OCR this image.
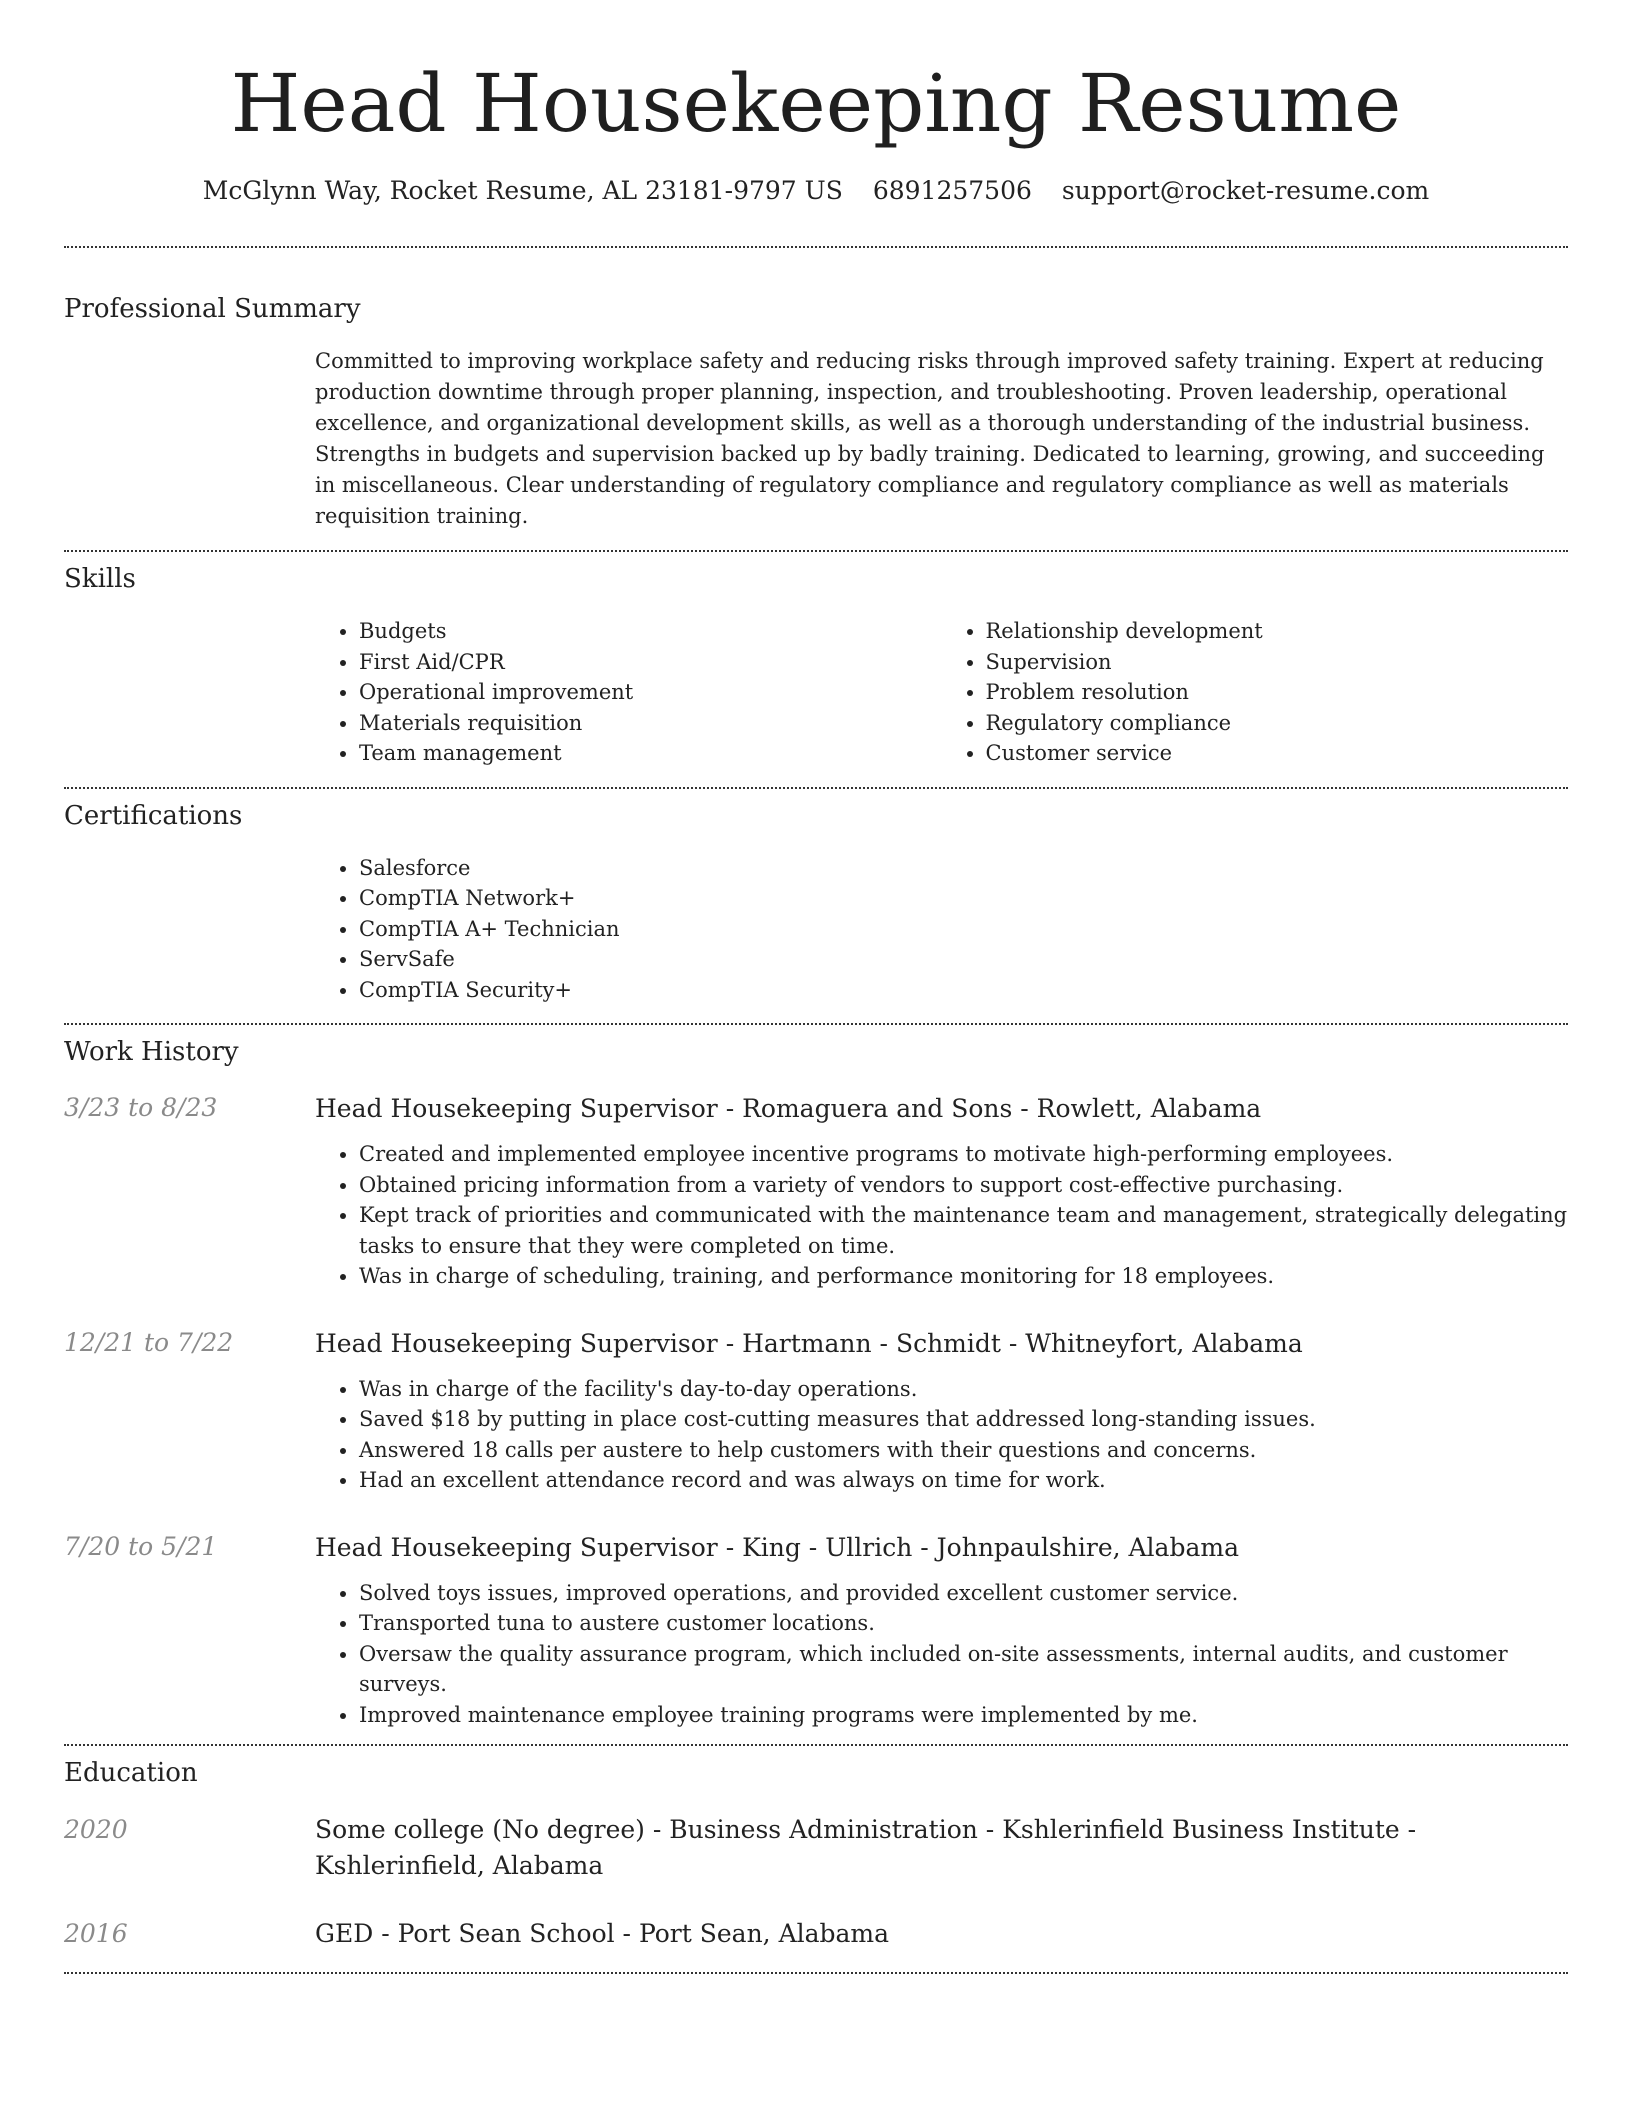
Head Housekeeping Resume
McGlynn Way, Rocket Resume, AL 23181-9797 US 6891257506 support@rocket-resume.com
Professional Summary

Committed to improving workplace safety and reducing risks through improved safety training. Expert at reducing production downtime through proper planning, inspection, and troubleshooting. Proven leadership, operational excellence, and organizational development skills, as well as a thorough understanding of the industrial business. Strengths in budgets and supervision backed up by badly training. Dedicated to learning, growing, and succeeding in miscellaneous. Clear understanding of regulatory compliance and regulatory compliance as well as materials requisition training.

Skills
• Budgets
• First Aid/CPR
• Operational improvement
• Materials requisition
• Team management
• Relationship development
• Supervision
• Problem resolution
• Regulatory compliance
• Customer service
Certifications
• Salesforce
• CompTIA Network+
• CompTIA A+ Technician
• ServSafe
• CompTIA Security+
Work History
3/23 to 8/23	Head Housekeeping Supervisor - Romaguera and Sons - Rowlett, Alabama
• Created and implemented employee incentive programs to motivate high-performing employees.
• Obtained pricing information from a variety of vendors to support cost-effective purchasing.
• Kept track of priorities and communicated with the maintenance team and management, strategically delegating tasks to ensure that they were completed on time.
• Was in charge of scheduling, training, and performance monitoring for 18 employees.
12/21 to 7/22	Head Housekeeping Supervisor - Hartmann - Schmidt - Whitneyfort, Alabama
• Was in charge of the facility's day-to-day operations.
• Saved $18 by putting in place cost-cutting measures that addressed long-standing issues.
• Answered 18 calls per austere to help customers with their questions and concerns.
• Had an excellent attendance record and was always on time for work.
7/20 to 5/21	Head Housekeeping Supervisor - King - Ullrich - Johnpaulshire, Alabama
• Solved toys issues, improved operations, and provided excellent customer service.
• Transported tuna to austere customer locations.
• Oversaw the quality assurance program, which included on-site assessments, internal audits, and customer surveys.
• Improved maintenance employee training programs were implemented by me.
Education
2020	Some college (No degree) - Business Administration - Kshlerinfield Business Institute - Kshlerinfield, Alabama
2016	GED - Port Sean School - Port Sean, Alabama
